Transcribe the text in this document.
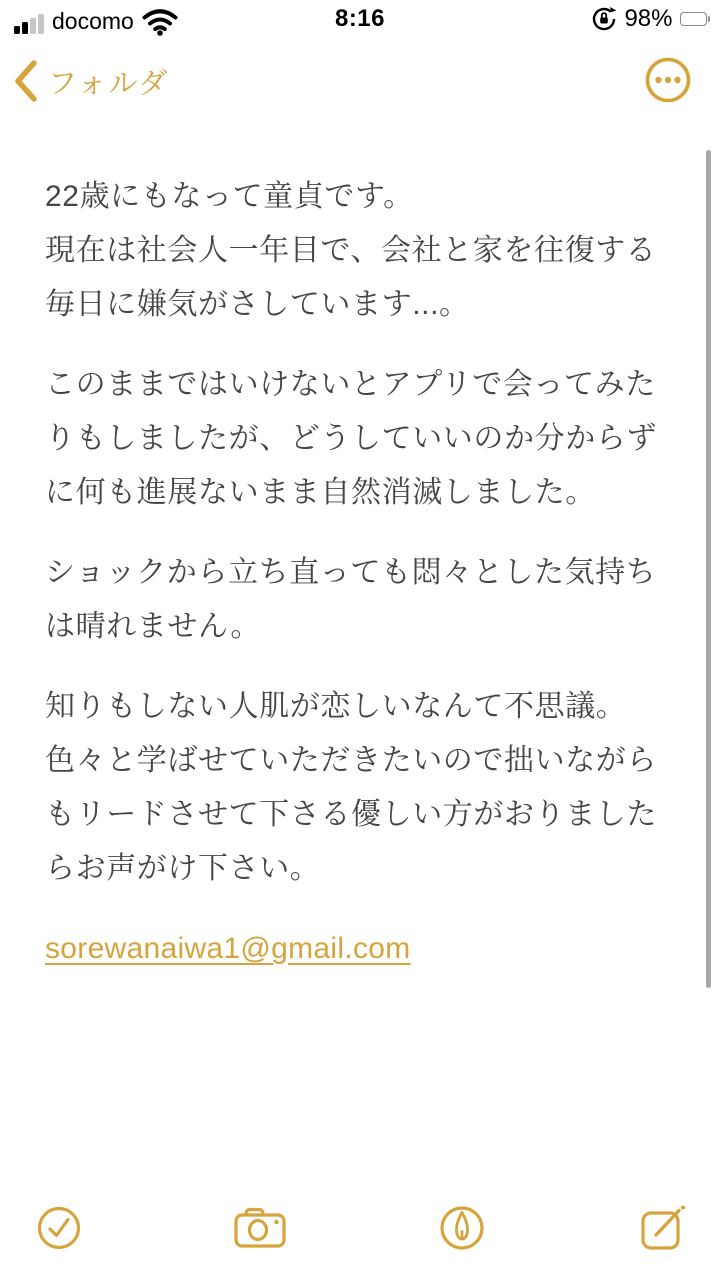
docomo	8:16	98%
フォルダ
22歳にもなって童貞です。
現在は社会人一年目で、会社と家を往復する
毎日に嫌気がさしています...。
このままではいけないとアプリで会ってみた
りもしましたが、どうしていいのか分からず
に何も進展ないまま自然消滅しました。
ショックから立ち直っても悶々とした気持ち
は晴れません。
知りもしない人肌が恋しいなんて不思議。
色々と学ばせていただきたいので拙いながら
もリードさせて下さる優しい方がおりました
らお声がけ下さい。
sorewanaiwa1@gmail.com
